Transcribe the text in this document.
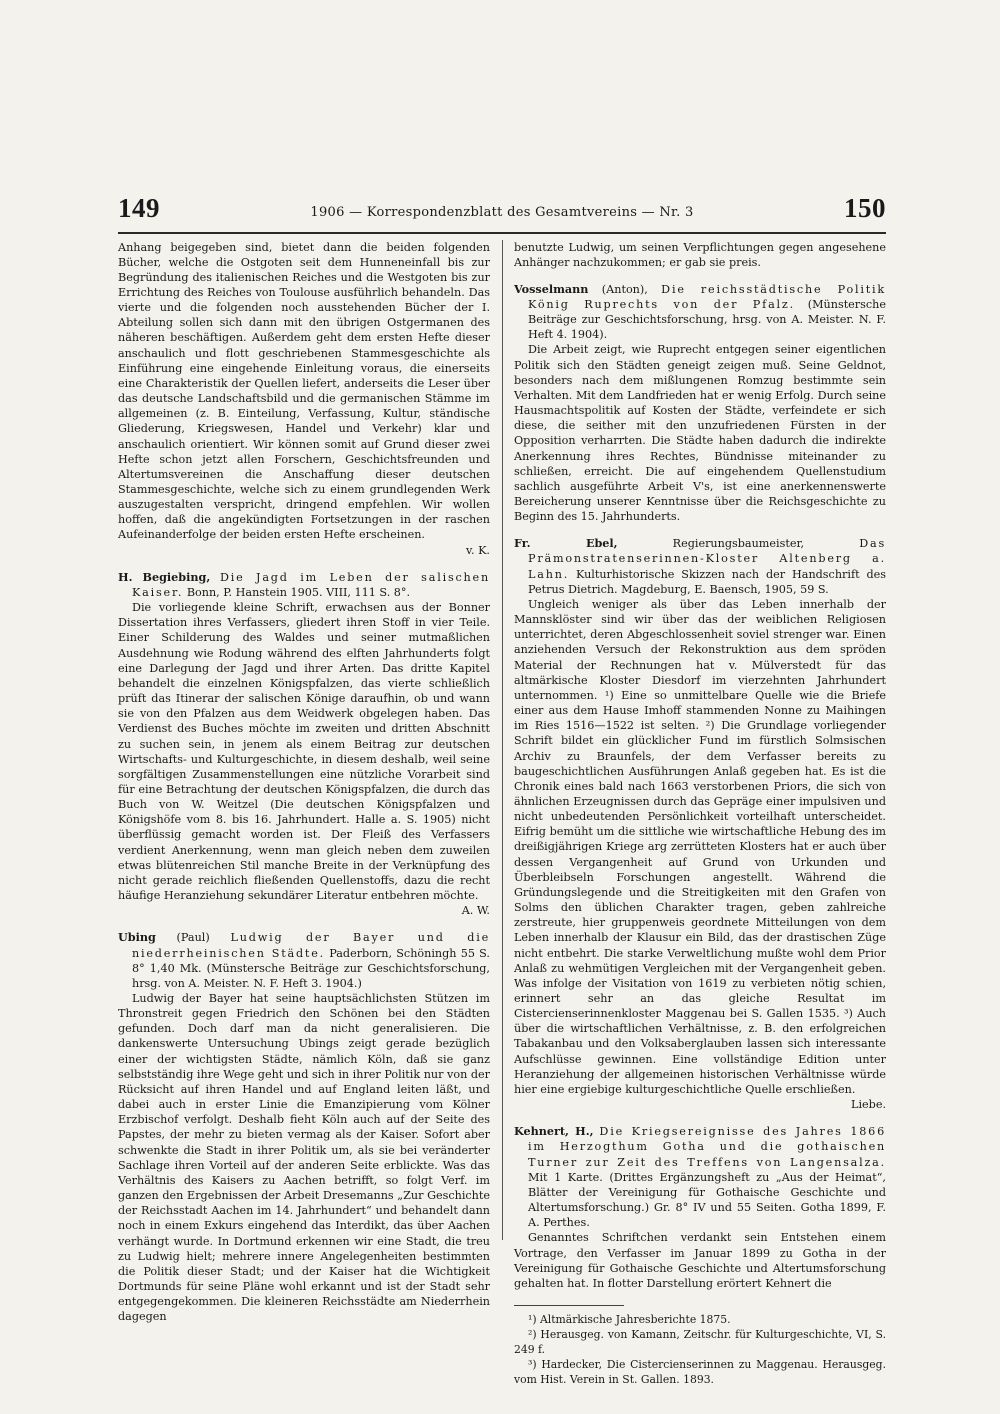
149	1906 — Korrespondenzblatt des Gesamtvereins — Nr. 3	150

Anhang beigegeben sind, bietet dann die beiden folgenden Bücher, welche die Ostgoten seit dem Hunneneinfall bis zur Begründung des italienischen Reiches und die Westgoten bis zur Errichtung des Reiches von Toulouse ausführlich behandeln. Das vierte und die folgenden noch ausstehenden Bücher der I. Abteilung sollen sich dann mit den übrigen Ostgermanen des näheren beschäftigen. Außerdem geht dem ersten Hefte dieser anschaulich und flott geschriebenen Stammesgeschichte als Einführung eine eingehende Einleitung voraus, die einerseits eine Charakteristik der Quellen liefert, anderseits die Leser über das deutsche Landschaftsbild und die germanischen Stämme im allgemeinen (z. B. Einteilung, Verfassung, Kultur, ständische Gliederung, Kriegswesen, Handel und Verkehr) klar und anschaulich orientiert. Wir können somit auf Grund dieser zwei Hefte schon jetzt allen Forschern, Geschichtsfreunden und Altertumsvereinen die Anschaffung dieser deutschen Stammesgeschichte, welche sich zu einem grundlegenden Werk auszugestalten verspricht, dringend empfehlen. Wir wollen hoffen, daß die angekündigten Fortsetzungen in der raschen Aufeinanderfolge der beiden ersten Hefte erscheinen.

v. K.

H. Begiebing, Die Jagd im Leben der salischen Kaiser. Bonn, P. Hanstein 1905. VIII, 111 S. 8°.

Die vorliegende kleine Schrift, erwachsen aus der Bonner Dissertation ihres Verfassers, gliedert ihren Stoff in vier Teile. Einer Schilderung des Waldes und seiner mutmaßlichen Ausdehnung wie Rodung während des elften Jahrhunderts folgt eine Darlegung der Jagd und ihrer Arten. Das dritte Kapitel behandelt die einzelnen Königspfalzen, das vierte schließlich prüft das Itinerar der salischen Könige daraufhin, ob und wann sie von den Pfalzen aus dem Weidwerk obgelegen haben. Das Verdienst des Buches möchte im zweiten und dritten Abschnitt zu suchen sein, in jenem als einem Beitrag zur deutschen Wirtschafts- und Kulturgeschichte, in diesem deshalb, weil seine sorgfältigen Zusammenstellungen eine nützliche Vorarbeit sind für eine Betrachtung der deutschen Königspfalzen, die durch das Buch von W. Weitzel (Die deutschen Königspfalzen und Königshöfe vom 8. bis 16. Jahrhundert. Halle a. S. 1905) nicht überflüssig gemacht worden ist. Der Fleiß des Verfassers verdient Anerkennung, wenn man gleich neben dem zuweilen etwas blütenreichen Stil manche Breite in der Verknüpfung des nicht gerade reichlich fließenden Quellenstoffs, dazu die recht häufige Heranziehung sekundärer Literatur entbehren möchte.

A. W.

Ubing (Paul) Ludwig der Bayer und die niederrheinischen Städte. Paderborn, Schöningh 55 S. 8° 1,40 Mk. (Münstersche Beiträge zur Geschichtsforschung, hrsg. von A. Meister. N. F. Heft 3. 1904.)

Ludwig der Bayer hat seine hauptsächlichsten Stützen im Thronstreit gegen Friedrich den Schönen bei den Städten gefunden. Doch darf man da nicht generalisieren. Die dankenswerte Untersuchung Ubings zeigt gerade bezüglich einer der wichtigsten Städte, nämlich Köln, daß sie ganz selbstständig ihre Wege geht und sich in ihrer Politik nur von der Rücksicht auf ihren Handel und auf England leiten läßt, und dabei auch in erster Linie die Emanzipierung vom Kölner Erzbischof verfolgt. Deshalb fieht Köln auch auf der Seite des Papstes, der mehr zu bieten vermag als der Kaiser. Sofort aber schwenkte die Stadt in ihrer Politik um, als sie bei veränderter Sachlage ihren Vorteil auf der anderen Seite erblickte. Was das Verhältnis des Kaisers zu Aachen betrifft, so folgt Verf. im ganzen den Ergebnissen der Arbeit Dresemanns „Zur Geschichte der Reichsstadt Aachen im 14. Jahrhundert“ und behandelt dann noch in einem Exkurs eingehend das Interdikt, das über Aachen verhängt wurde. In Dortmund erkennen wir eine Stadt, die treu zu Ludwig hielt; mehrere innere Angelegenheiten bestimmten die Politik dieser Stadt; und der Kaiser hat die Wichtigkeit Dortmunds für seine Pläne wohl erkannt und ist der Stadt sehr entgegengekommen. Die kleineren Reichsstädte am Niederrhein dagegen

benutzte Ludwig, um seinen Verpflichtungen gegen angesehene Anhänger nachzukommen; er gab sie preis.

Vosselmann (Anton), Die reichsstädtische Politik König Ruprechts von der Pfalz. (Münstersche Beiträge zur Geschichtsforschung, hrsg. von A. Meister. N. F. Heft 4. 1904).

Die Arbeit zeigt, wie Ruprecht entgegen seiner eigentlichen Politik sich den Städten geneigt zeigen muß. Seine Geldnot, besonders nach dem mißlungenen Romzug bestimmte sein Verhalten. Mit dem Landfrieden hat er wenig Erfolg. Durch seine Hausmachtspolitik auf Kosten der Städte, verfeindete er sich diese, die seither mit den unzufriedenen Fürsten in der Opposition verharrten. Die Städte haben dadurch die indirekte Anerkennung ihres Rechtes, Bündnisse miteinander zu schließen, erreicht. Die auf eingehendem Quellenstudium sachlich ausgeführte Arbeit V's, ist eine anerkennenswerte Bereicherung unserer Kenntnisse über die Reichsgeschichte zu Beginn des 15. Jahrhunderts.

Fr. Ebel,	Regierungsbaumeister,	Das Prämonstratenserinnen-Kloster Altenberg a. Lahn. Kulturhistorische Skizzen nach der Handschrift des Petrus Dietrich. Magdeburg, E. Baensch, 1905, 59 S.

Ungleich weniger als über das Leben innerhalb der Mannsklöster sind wir über das der weiblichen Religiosen unterrichtet, deren Abgeschlossenheit soviel strenger war. Einen anziehenden Versuch der Rekonstruktion aus dem spröden Material der Rechnungen hat v. Mülverstedt für das altmärkische Kloster Diesdorf im vierzehnten Jahrhundert unternommen. ¹) Eine so unmittelbare Quelle wie die Briefe einer aus dem Hause Imhoff stammenden Nonne zu Maihingen im Ries 1516—1522 ist selten. ²) Die Grundlage vorliegender Schrift bildet ein glücklicher Fund im fürstlich Solmsischen Archiv zu Braunfels, der dem Verfasser bereits zu baugeschichtlichen Ausführungen Anlaß gegeben hat. Es ist die Chronik eines bald nach 1663 verstorbenen Priors, die sich von ähnlichen Erzeugnissen durch das Gepräge einer impulsiven und nicht unbedeutenden Persönlichkeit vorteilhaft unterscheidet. Eifrig bemüht um die sittliche wie wirtschaftliche Hebung des im dreißigjährigen Kriege arg zerrütteten Klosters hat er auch über dessen Vergangenheit auf Grund von Urkunden und Überbleibseln Forschungen angestellt. Während die Gründungslegende und die Streitigkeiten mit den Grafen von Solms den üblichen Charakter tragen, geben zahlreiche zerstreute, hier gruppenweis geordnete Mitteilungen von dem Leben innerhalb der Klausur ein Bild, das der drastischen Züge nicht entbehrt. Die starke Verweltlichung mußte wohl dem Prior Anlaß zu wehmütigen Vergleichen mit der Vergangenheit geben. Was infolge der Visitation von 1619 zu verbieten nötig schien, erinnert sehr an das gleiche Resultat im Cistercienserinnenkloster Maggenau bei S. Gallen 1535. ³) Auch über die wirtschaftlichen Verhältnisse, z. B. den erfolgreichen Tabakanbau und den Volksaberglauben lassen sich interessante Aufschlüsse gewinnen. Eine vollständige Edition unter Heranziehung der allgemeinen historischen Verhältnisse würde hier eine ergiebige kulturgeschichtliche Quelle erschließen.

Liebe.

Kehnert, H., Die Kriegsereignisse des Jahres 1866 im Herzogthum Gotha und die gothaischen Turner zur Zeit des Treffens von Langensalza. Mit 1 Karte. (Drittes Ergänzungsheft zu „Aus der Heimat“, Blätter der Vereinigung für Gothaische Geschichte und Altertumsforschung.) Gr. 8° IV und 55 Seiten. Gotha 1899, F. A. Perthes.

Genanntes Schriftchen verdankt sein Entstehen einem Vortrage, den Verfasser im Januar 1899 zu Gotha in der Vereinigung für Gothaische Geschichte und Altertumsforschung gehalten hat. In flotter Darstellung erörtert Kehnert die

¹) Altmärkische Jahresberichte 1875.

²) Herausgeg. von Kamann, Zeitschr. für Kulturgeschichte, VI, S. 249 f.

³) Hardecker, Die Cistercienserinnen zu Maggenau. Herausgeg. vom Hist. Verein in St. Gallen. 1893.
